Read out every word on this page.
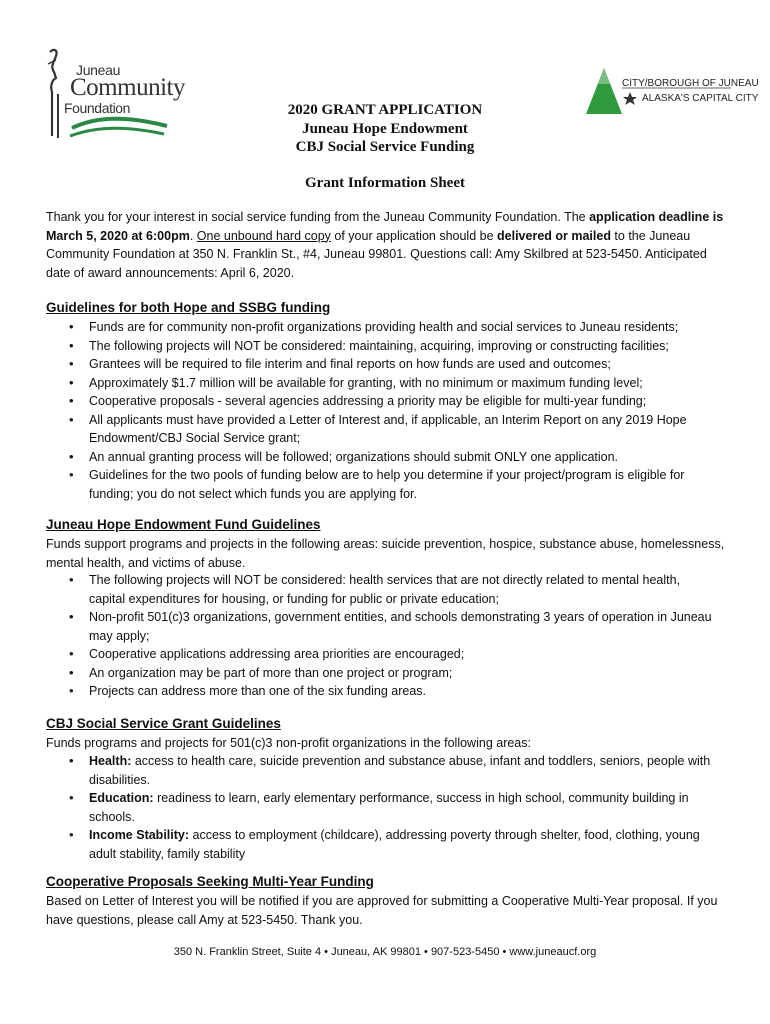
Juneau
Community
Foundation
CITY/BOROUGH OF JUNEAU
ALASKA'S CAPITAL CITY
2020 GRANT APPLICATION
Juneau Hope Endowment
CBJ Social Service Funding
Grant Information Sheet
Thank you for your interest in social service funding from the Juneau Community Foundation. The application deadline is March 5, 2020 at 6:00pm. One unbound hard copy of your application should be delivered or mailed to the Juneau Community Foundation at 350 N. Franklin St., #4, Juneau 99801. Questions call: Amy Skilbred at 523-5450. Anticipated date of award announcements: April 6, 2020.
Guidelines for both Hope and SSBG funding
• Funds are for community non-profit organizations providing health and social services to Juneau residents;
• The following projects will NOT be considered: maintaining, acquiring, improving or constructing facilities;
• Grantees will be required to file interim and final reports on how funds are used and outcomes;
• Approximately $1.7 million will be available for granting, with no minimum or maximum funding level;
• Cooperative proposals - several agencies addressing a priority may be eligible for multi-year funding;
• All applicants must have provided a Letter of Interest and, if applicable, an Interim Report on any 2019 Hope Endowment/CBJ Social Service grant;
• An annual granting process will be followed; organizations should submit ONLY one application.
• Guidelines for the two pools of funding below are to help you determine if your project/program is eligible for funding; you do not select which funds you are applying for.
Juneau Hope Endowment Fund Guidelines
Funds support programs and projects in the following areas: suicide prevention, hospice, substance abuse, homelessness, mental health, and victims of abuse.
• The following projects will NOT be considered: health services that are not directly related to mental health, capital expenditures for housing, or funding for public or private education;
• Non-profit 501(c)3 organizations, government entities, and schools demonstrating 3 years of operation in Juneau may apply;
• Cooperative applications addressing area priorities are encouraged;
• An organization may be part of more than one project or program;
• Projects can address more than one of the six funding areas.
CBJ Social Service Grant Guidelines
Funds programs and projects for 501(c)3 non-profit organizations in the following areas:
• Health: access to health care, suicide prevention and substance abuse, infant and toddlers, seniors, people with disabilities.
• Education: readiness to learn, early elementary performance, success in high school, community building in schools.
• Income Stability: access to employment (childcare), addressing poverty through shelter, food, clothing, young adult stability, family stability
Cooperative Proposals Seeking Multi-Year Funding
Based on Letter of Interest you will be notified if you are approved for submitting a Cooperative Multi-Year proposal. If you have questions, please call Amy at 523-5450. Thank you.
350 N. Franklin Street, Suite 4 • Juneau, AK 99801 • 907-523-5450 • www.juneaucf.org
